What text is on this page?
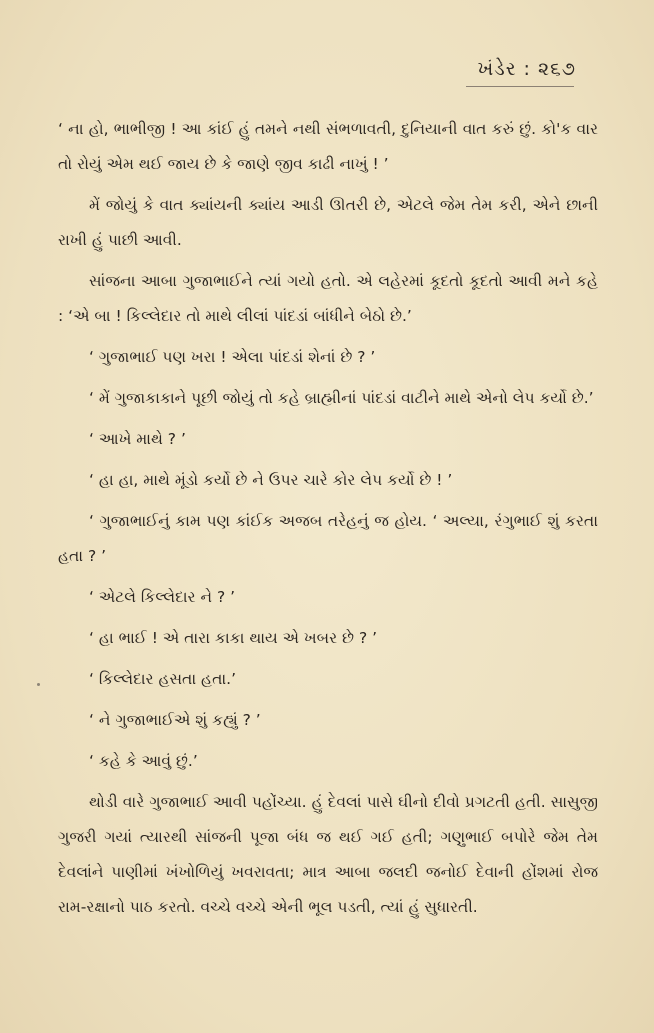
ખંડેર : ૨૬૭

‘ ના હો, ભાભીજી ! આ કાંઈ હું તમને નથી સંભળાવતી, દુનિયાની વાત કરું છું. કો'ક વાર તો રોયું એમ થઈ જાય છે કે જાણે જીવ કાઢી નાખું ! ’

મેં જોયું કે વાત ક્યાંયની ક્યાંય આડી ઊતરી છે, એટલે જેમ તેમ કરી, એને છાની રાખી હું પાછી આવી.

સાંજના આબા ગુજાભાઈને ત્યાં ગયો હતો. એ લહેરમાં કૂદતો કૂદતો આવી મને કહે : ‘એ બા ! કિલ્લેદાર તો માથે લીલાં પાંદડાં બાંધીને બેઠો છે.’

‘ ગુજાભાઈ પણ ખરા ! એલા પાંદડાં શેનાં છે ? ’

‘ મેં ગુજાકાકાને પૂછી જોયું તો કહે બ્રાહ્મીનાં પાંદડાં વાટીને માથે એનો લેપ કર્યો છે.’

‘ આખે માથે ? ’

‘ હા હા, માથે મૂંડો કર્યો છે ને ઉપર ચારે કોર લેપ કર્યો છે ! ’

‘ ગુજાભાઈનું કામ પણ કાંઈક અજબ તરેહનું જ હોય. ‘ અલ્યા, રંગુભાઈ શું કરતા હતા ? ’

‘ એટલે કિલ્લેદાર ને ? ’

‘ હા ભાઈ ! એ તારા કાકા થાય એ ખબર છે ? ’

‘ કિલ્લેદાર હસતા હતા.’

‘ ને ગુજાભાઈએ શું કહ્યું ? ’

‘ કહે કે આવું છું.’

થોડી વારે ગુજાભાઈ આવી પહોંચ્યા. હું દેવલાં પાસે ઘીનો દીવો પ્રગટતી હતી. સાસુજી ગુજરી ગયાં ત્યારથી સાંજની પૂજા બંધ જ થઈ ગઈ હતી; ગણુભાઈ બપોરે જેમ તેમ દેવલાંને પાણીમાં ખંખોળિયું ખવરાવતા; માત્ર આબા જલદી જનોઈ દેવાની હોંશમાં રોજ રામ-રક્ષાનો પાઠ કરતો. વચ્ચે વચ્ચે એની ભૂલ પડતી, ત્યાં હું સુધારતી.
